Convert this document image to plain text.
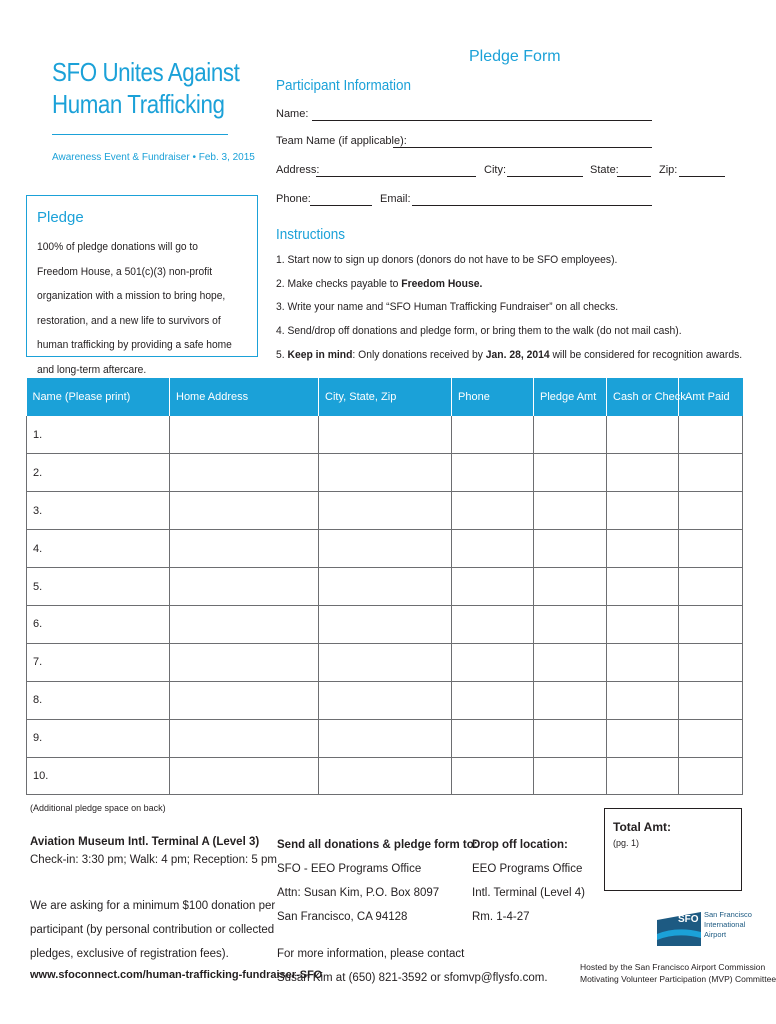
SFO Unites Against
Human Trafficking
Awareness Event & Fundraiser • Feb. 3, 2015
Pledge
100% of pledge donations will go to Freedom House, a 501(c)(3) non-profit organization with a mission to bring hope, restoration, and a new life to survivors of human trafficking by providing a safe home and long-term aftercare.
Pledge Form
Participant Information
Name:
Team Name (if applicable):
Address:	City:	State:	Zip:
Phone:	Email:
Instructions
1. Start now to sign up donors (donors do not have to be SFO employees).
2. Make checks payable to Freedom House.
3. Write your name and “SFO Human Trafficking Fundraiser” on all checks.
4. Send/drop off donations and pledge form, or bring them to the walk (do not mail cash).
5. Keep in mind: Only donations received by Jan. 28, 2014 will be considered for recognition awards.
Name (Please print)	Home Address	City, State, Zip	Phone	Pledge Amt	Cash or Check	Amt Paid
1.						
2.						
3.						
4.						
5.						
6.						
7.						
8.						
9.						
10.						
(Additional pledge space on back)
Total Amt:
(pg. 1)
Aviation Museum Intl. Terminal A (Level 3)
Check-in: 3:30 pm; Walk: 4 pm; Reception: 5 pm
We are asking for a minimum $100 donation per
participant (by personal contribution or collected
pledges, exclusive of registration fees).
www.sfoconnect.com/human-trafficking-fundraiser-SFO
Send all donations & pledge form to:
SFO - EEO Programs Office
Attn: Susan Kim, P.O. Box 8097
San Francisco, CA 94128
For more information, please contact
Susan Kim at (650) 821-3592 or sfomvp@flysfo.com.
Drop off location:
EEO Programs Office
Intl. Terminal (Level 4)
Rm. 1-4-27	SFO San Francisco
International
Airport
Hosted by the San Francisco Airport Commission
Motivating Volunteer Participation (MVP) Committee
